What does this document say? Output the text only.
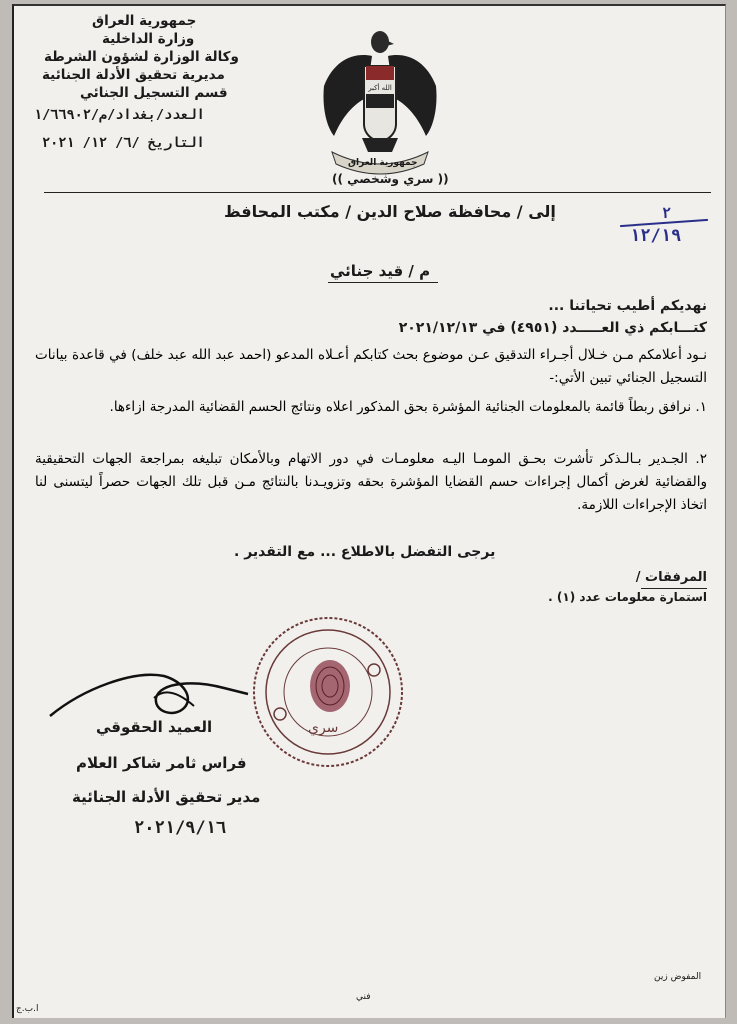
جمهورية العراق
وزارة الداخلية
وكالة الوزارة لشؤون الشرطة
مديرية تحقيق الأدلة الجنائية
قسم التسجيل الجنائي
العدد/بغداد/م/١/٦٦٩٠٢
التاريخ /٦/ ١٢/ ٢٠٢١
الله أكبر
جمهورية العراق
(( سري وشخصي ))
إلى / محافظة صلاح الدين / مكتب المحافظ	٢
١٢/١٩
م / قيد جنائي
نهديكم أطيب تحياتنا ...
كتـــابكم ذي العـــــدد (٤٩٥١) في ٢٠٢١/١٢/١٣
نـود أعلامكم مـن خـلال أجـراء التدقيق عـن موضوع بحث كتابكم أعـلاه المدعو (احمد عبد الله عبد خلف) في قاعدة بيانات التسجيل الجنائي تبين الأتي:-
١. نرافق ربطاً قائمة بالمعلومات الجنائية المؤشرة بحق المذكور اعلاه ونتائج الحسم القضائية المدرجة ازاءها.
٢. الجـدير بـالـذكر تأشرت بحـق المومـا اليـه معلومـات في دور الاتهام وبالأمكان تبليغه بمراجعة الجهات التحقيقية والقضائية لغرض أكمال إجراءات حسم القضايا المؤشرة بحقه وتزويـدنا بالنتائج مـن قبل تلك الجهات حصراً ليتسنى لنا اتخاذ الإجراءات اللازمة.
يرجى التفضل بالاطلاع ... مع التقدير .
المرفقات /
استمارة معلومات عدد (١) .
سري
العميد الحقوقي
فراس ثامر شاكر العلام
مدير تحقيق الأدلة الجنائية
٢٠٢١/٩/١٦
المفوض زين
فني
ا.ب.ج
